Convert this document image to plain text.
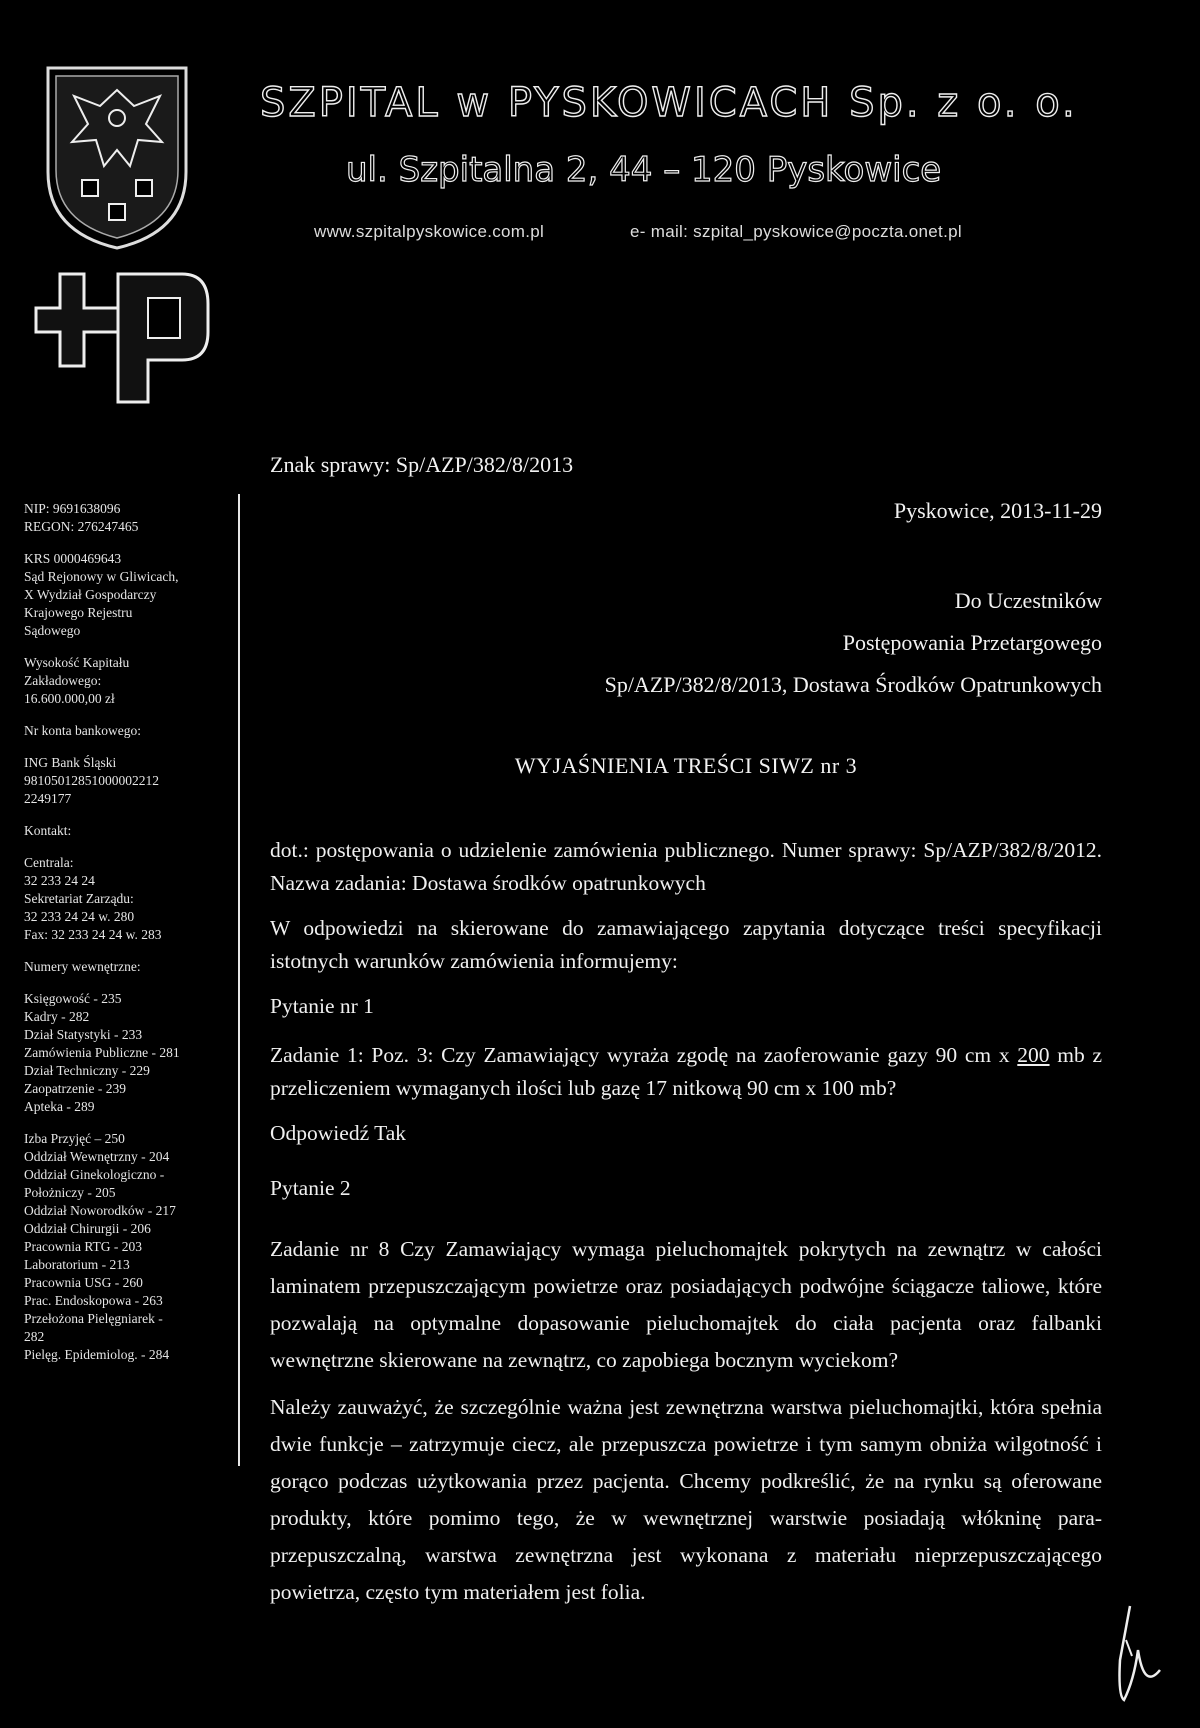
SZPITAL w PYSKOWICACH Sp. z o. o.
ul. Szpitalna 2, 44 – 120 Pyskowice
www.szpitalpyskowice.com.pl	e- mail: szpital_pyskowice@poczta.onet.pl
NIP: 9691638096
REGON: 276247465
KRS 0000469643
Sąd Rejonowy w Gliwicach,
X Wydział Gospodarczy
Krajowego Rejestru
Sądowego
Wysokość Kapitału
Zakładowego:
16.600.000,00 zł
Nr konta bankowego:
ING Bank Śląski
98105012851000002212
2249177
Kontakt:
Centrala:
32 233 24 24
Sekretariat Zarządu:
32 233 24 24 w. 280
Fax: 32 233 24 24 w. 283
Numery wewnętrzne:
Księgowość - 235
Kadry - 282
Dział Statystyki - 233
Zamówienia Publiczne - 281
Dział Techniczny - 229
Zaopatrzenie - 239
Apteka - 289
Izba Przyjęć – 250
Oddział Wewnętrzny - 204
Oddział Ginekologiczno -
Położniczy - 205
Oddział Noworodków - 217
Oddział Chirurgii - 206
Pracownia RTG - 203
Laboratorium - 213
Pracownia USG - 260
Prac. Endoskopowa - 263
Przełożona Pielęgniarek -
282
Pielęg. Epidemiolog. - 284
Znak sprawy: Sp/AZP/382/8/2013
Pyskowice, 2013-11-29
Do Uczestników
Postępowania Przetargowego
Sp/AZP/382/8/2013, Dostawa Środków Opatrunkowych
WYJAŚNIENIA TREŚCI SIWZ nr 3

dot.: postępowania o udzielenie zamówienia publicznego. Numer sprawy: Sp/AZP/382/8/2012. Nazwa zadania: Dostawa środków opatrunkowych

W odpowiedzi na skierowane do zamawiającego zapytania dotyczące treści specyfikacji istotnych warunków zamówienia informujemy:

Pytanie nr 1

Zadanie 1: Poz. 3: Czy Zamawiający wyraża zgodę na zaoferowanie gazy 90 cm x 200 mb z przeliczeniem wymaganych ilości lub gazę 17 nitkową 90 cm x 100 mb?

Odpowiedź Tak

Pytanie 2

Zadanie nr 8 Czy Zamawiający wymaga pieluchomajtek pokrytych na zewnątrz w całości laminatem przepuszczającym powietrze oraz posiadających podwójne ściągacze taliowe, które pozwalają na optymalne dopasowanie pieluchomajtek do ciała pacjenta oraz falbanki wewnętrzne skierowane na zewnątrz, co zapobiega bocznym wyciekom?

Należy zauważyć, że szczególnie ważna jest zewnętrzna warstwa pieluchomajtki, która spełnia dwie funkcje – zatrzymuje ciecz, ale przepuszcza powietrze i tym samym obniża wilgotność i gorąco podczas użytkowania przez pacjenta. Chcemy podkreślić, że na rynku są oferowane produkty, które pomimo tego, że w wewnętrznej warstwie posiadają włókninę para-przepuszczalną, warstwa zewnętrzna jest wykonana z materiału nieprzepuszczającego powietrza, często tym materiałem jest folia.
